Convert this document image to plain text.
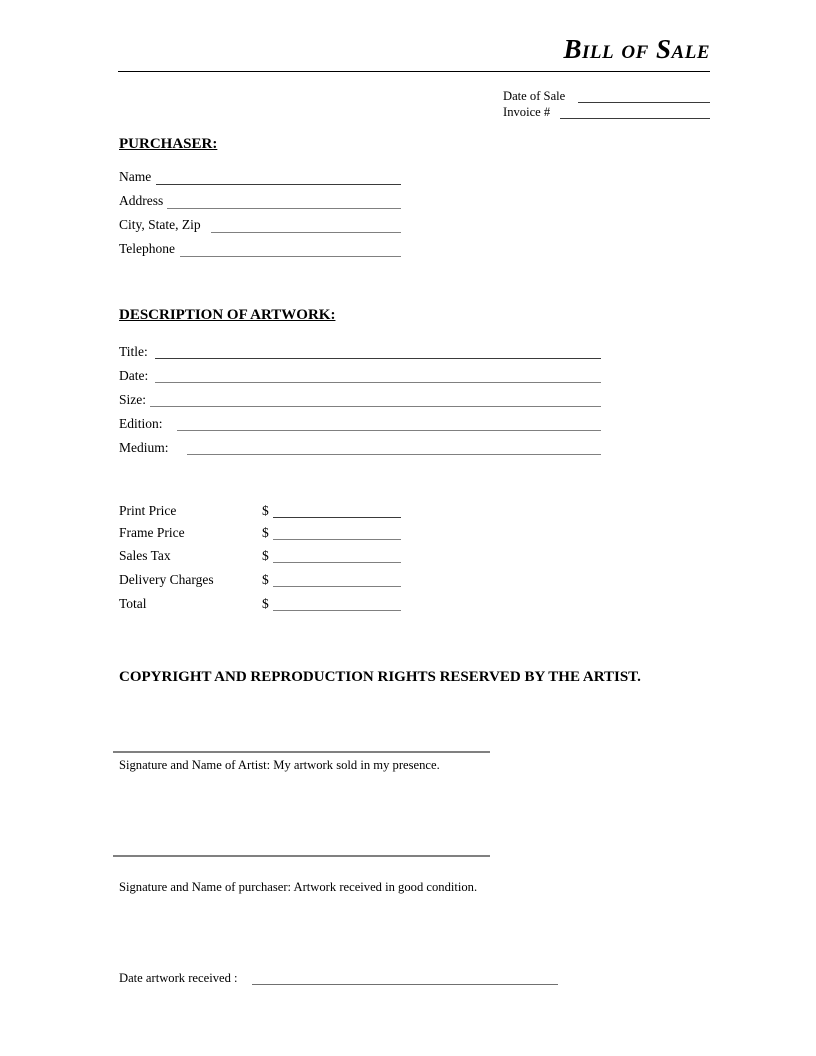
Bill of Sale
Date of Sale
Invoice #
PURCHASER:
Name
Address
City, State, Zip
Telephone
DESCRIPTION OF ARTWORK:
Title:
Date:
Size:
Edition:
Medium:
Print Price	$
Frame Price	$
Sales Tax	$
Delivery Charges	$
Total	$
COPYRIGHT AND REPRODUCTION RIGHTS RESERVED BY THE ARTIST.
Signature and Name of Artist: My artwork sold in my presence.
Signature and Name of purchaser: Artwork received in good condition.
Date artwork received :
